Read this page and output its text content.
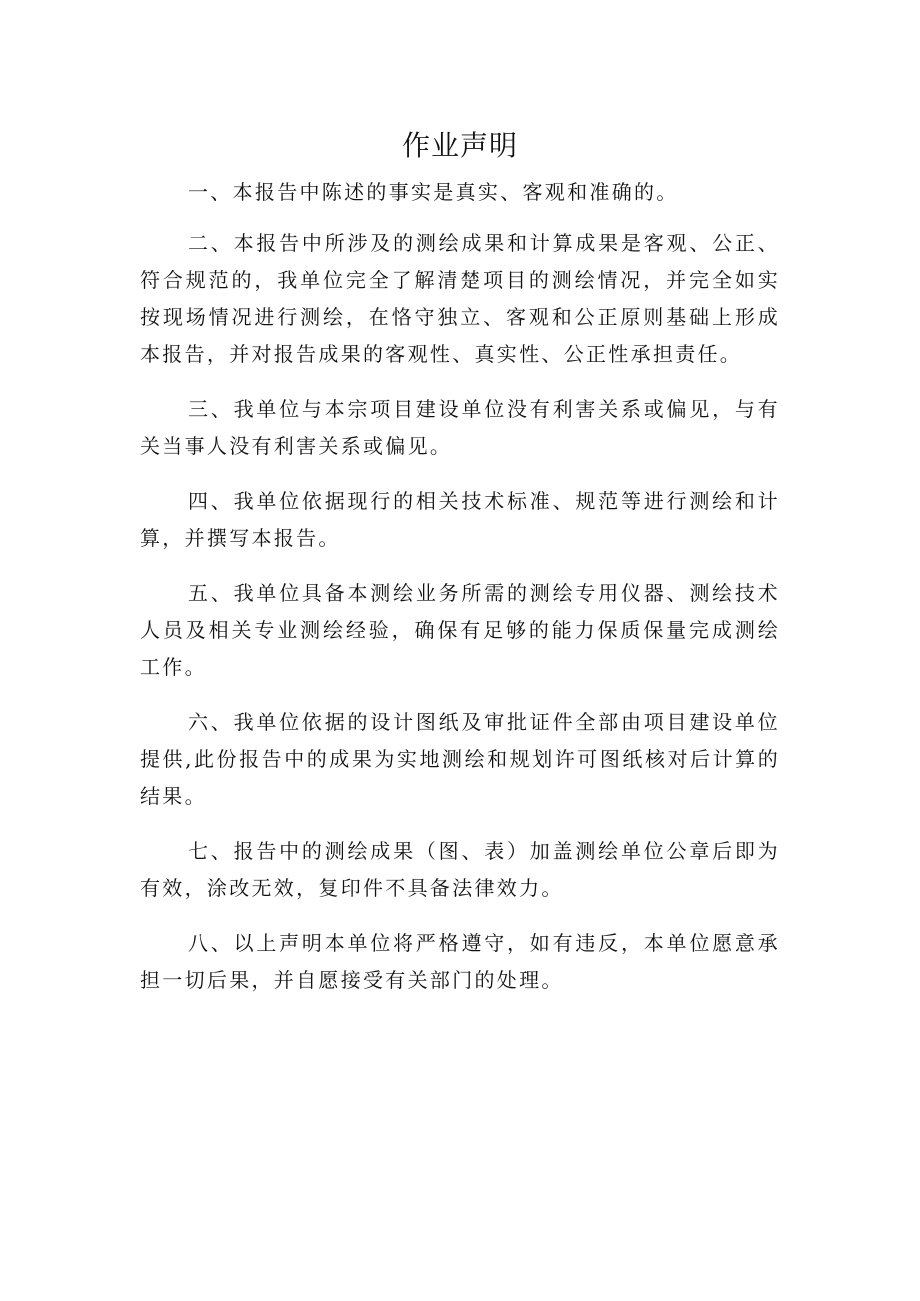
作业声明

一、本报告中陈述的事实是真实、客观和准确的。

二、本报告中所涉及的测绘成果和计算成果是客观、公正、符合规范的，我单位完全了解清楚项目的测绘情况，并完全如实按现场情况进行测绘，在恪守独立、客观和公正原则基础上形成本报告，并对报告成果的客观性、真实性、公正性承担责任。

三、我单位与本宗项目建设单位没有利害关系或偏见，与有关当事人没有利害关系或偏见。

四、我单位依据现行的相关技术标准、规范等进行测绘和计算，并撰写本报告。

五、我单位具备本测绘业务所需的测绘专用仪器、测绘技术人员及相关专业测绘经验，确保有足够的能力保质保量完成测绘工作。

六、我单位依据的设计图纸及审批证件全部由项目建设单位提供,此份报告中的成果为实地测绘和规划许可图纸核对后计算的结果。

七、报告中的测绘成果（图、表）加盖测绘单位公章后即为有效，涂改无效，复印件不具备法律效力。

八、以上声明本单位将严格遵守，如有违反，本单位愿意承担一切后果，并自愿接受有关部门的处理。
